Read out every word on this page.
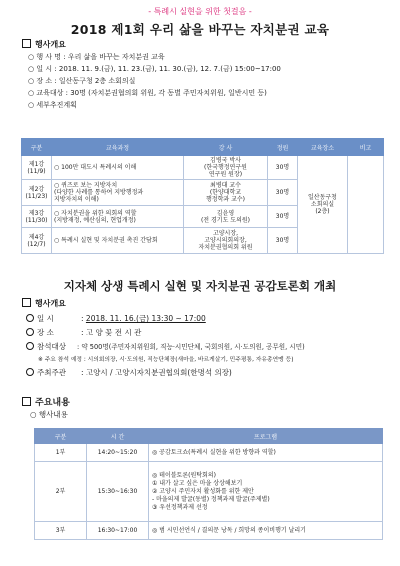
- 특례시 실현을 위한 첫걸음 -
2018 제1회 우리 삶을 바꾸는 자치분권 교육
행사개요
○ 행 사 명 : 우리 삶을 바꾸는 자치분권 교육
○ 일 시 : 2018. 11. 9.(금), 11. 23.(금), 11. 30.(금), 12. 7.(금) 15:00~17:00
○ 장 소 : 일산동구청 2층 소회의실
○ 교육대상 : 30명 (자치분권협의회 위원, 각 동별 주민자치위원, 일반시민 등)
○ 세부추진계획
구분	교육과정	강 사	정원	교육장소	비고
제1강
(11/9)	○ 100만 대도시 특례시의 이해	김병국 박사
(한국행정연구원
연구원 원장)	30명	일산동구청
소회의실
(2층)	
제2강
(11/23)	○ 퀴즈로 보는 지방자치
(다양한 사례를 통하여 지방행정과
지방자치의 이해)	최병대 교수
(한양대학교
행정학과 교수)	30명		
제3강
(11/30)	○ 자치분권을 위한 의회의 역할
(지방재정, 예산심의, 현업개정)	김윤영
(전 경기도 도의원)	30명		
제4강
(12/7)	○ 특례시 실현 및 자치분권 촉진 간담회	고양시장,
고양시의회의장,
자치분권협의회 위원	30명		
지자체 상생 특례시 실현 및 자치분권 공감토론회 개최
행사개요
일 시	: 2018. 11. 16.(금) 13:30 ~ 17:00
장 소	: 고 양 꽃 전 시 관
참석대상 : 약 500명(주민자치위원회, 직능·시민단체, 국회의원, 시·도의원, 공무원, 시민)
※ 주요 참석 예정 : 시의회의장, 시·도의원, 직능단체장(새마을, 바르게살기, 민주평통, 자유총연맹 등)
주최주관 : 고양시 / 고양시자치분권협의회(한명석 의장)
주요내용
○ 행사내용
구분	시 간	프로그램
1부	14:20~15:20	◎ 공감토크쇼(특례시 실현을 위한 방향과 역할)
2부	15:30~16:30	◎ 테이블토론(원탁회의)
① 내가 살고 싶은 마을 상상해보기
② 고양시 주민자치 활성화를 위한 제안
- 마을의제 발굴(동별) 정책과제 발굴(주제별)
③ 우선정책과제 선정
3부	16:30~17:00	◎ 범 시민선언식 / 결의문 낭독 / 희망의 종이비행기 날리기
